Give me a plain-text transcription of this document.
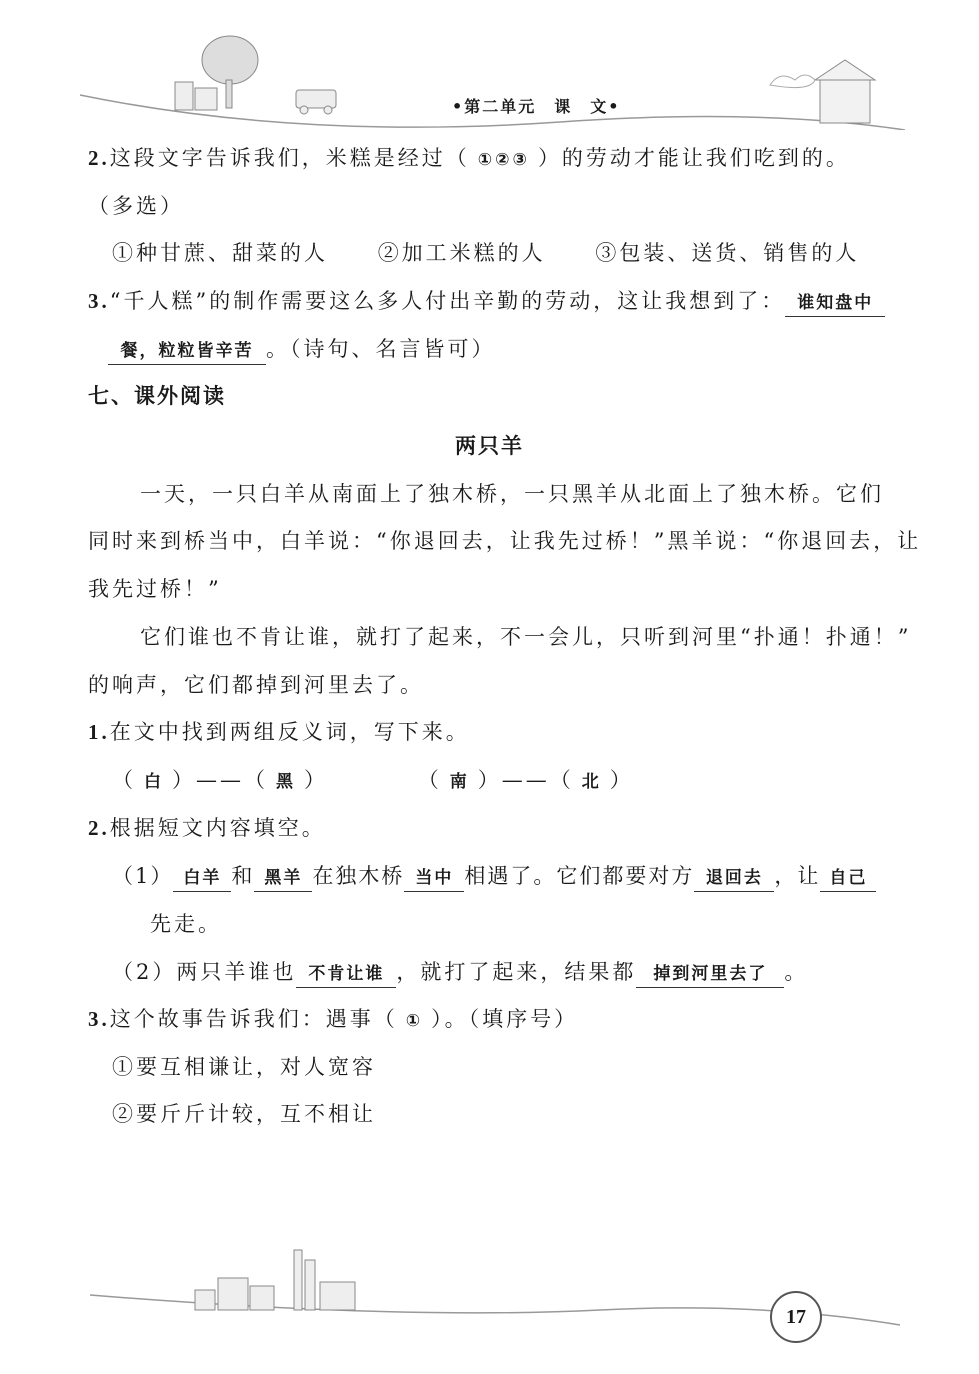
•第二单元　课　文•
2.这段文字告诉我们，米糕是经过（ ①②③ ）的劳动才能让我们吃到的。
（多选）
①种甘蔗、甜菜的人 ②加工米糕的人 ③包装、送货、销售的人
3.“千人糕”的制作需要这么多人付出辛勤的劳动，这让我想到了： 谁知盘中
餐，粒粒皆辛苦 。（诗句、名言皆可）
七、课外阅读
两只羊
一天，一只白羊从南面上了独木桥，一只黑羊从北面上了独木桥。它们
同时来到桥当中，白羊说：“你退回去，让我先过桥！”黑羊说：“你退回去，让
我先过桥！”
它们谁也不肯让谁，就打了起来，不一会儿，只听到河里“扑通！扑通！”
的响声，它们都掉到河里去了。
1.在文中找到两组反义词，写下来。
（ 白 ）——（ 黑 ）	（ 南 ）——（ 北 ）
2.根据短文内容填空。
（1） 白羊 和 黑羊 在独木桥 当中 相遇了。它们都要对方 退回去 ，让 自己
先走。
（2）两只羊谁也 不肯让谁 ，就打了起来，结果都 掉到河里去了 。
3.这个故事告诉我们：遇事（ ① ）。（填序号）
①要互相谦让，对人宽容
②要斤斤计较，互不相让
17
